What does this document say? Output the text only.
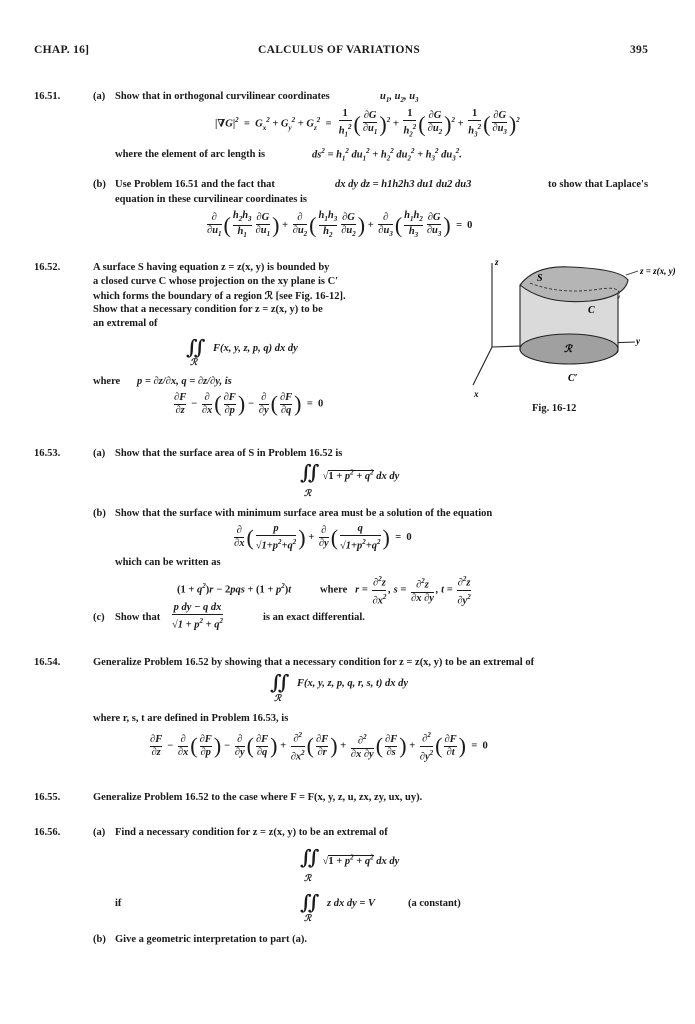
CHAP. 16]	CALCULUS OF VARIATIONS	395
16.51.	(a) Show that in orthogonal curvilinear coordinates	$u_1$, $u_2$, $u_3$
$|\nabla G|^2 = G_x^2 + G_y^2 + G_z^2 = \frac{1}{h_1^2}$ ( $\frac{\partial G}{\partial u_1} )^2 + \frac{1}{h_2^2}$ ( $\frac{\partial G}{\partial u_2} )^2 + \frac{1}{h_3^2}$ ( $\frac{\partial G}{\partial u_3} )^2$
where the element of arc length is	$ds^2 = h_1^2$ $du_1^2 + h_2^2$ $du_2^2 + h_3^2$ $du_3^2$.
(b) Use Problem 16.51 and the fact that	dx dy dz = h1h2h3 du1 du2 du3	to show that Laplace's
equation in these curvilinear coordinates is
$\frac{\partial}{\partial u_1}$ ( $\frac{h_2h_3}{h_1} \frac{\partial G}{\partial u_1}$ ) + $\frac{\partial}{\partial u_2}$ ( $\frac{h_1h_3}{h_2} \frac{\partial G}{\partial u_2}$ ) + $\frac{\partial}{\partial u_3}$ ( $\frac{h_1h_2}{h_3} \frac{\partial G}{\partial u_3}$ )  =  0
16.52.	A surface S having equation z = z(x, y) is bounded by
a closed curve C whose projection on the xy plane is C′
which forms the boundary of a region ℛ [see Fig. 16-12].
Show that a necessary condition for z = z(x, y) to be
an extremal of
∬
ℛ
F(x, y, z, p, q) dx dy
where p = ∂z/∂x, q = ∂z/∂y, is
$\frac{\partial F}{\partial z} - \frac{\partial}{\partial x}$ ( $\frac{\partial F}{\partial p}$ ) − $\frac{\partial}{\partial y}$ ( $\frac{\partial F}{\partial q}$ )  =  0
z
y
x
S
C
ℛ
C′
z = z(x, y)
Fig. 16-12
16.53.	(a) Show that the surface area of S in Problem 16.52 is
∬ $√1 + p^2 + q^2$ dx dy
ℛ
(b) Show that the surface with minimum surface area must be a solution of the equation
$\frac{\partial}{\partial x}$ ( $\frac{p}{√1+p^2+q^2}$ ) + $\frac{\partial}{\partial y}$ ( $\frac{q}{√1+p^2+q^2}$ )  =  0
which can be written as
$(1 + q^2)r - 2pqs + (1 + p^2)t$           where   $r = \frac{\partial^2z}{\partial x^2}$ , $s = \frac{\partial^2z}{\partial x \partial y}$ , $t = \frac{\partial^2z}{\partial y^2}$
(c) Show that $\frac{\text{p dy − q dx}}{√1 + p^2 + q^2}$	is an exact differential.
16.54.	Generalize Problem 16.52 by showing that a necessary condition for z = z(x, y) to be an extremal of
∬
ℛ
F(x, y, z, p, q, r, s, t) dx dy
where r, s, t are defined in Problem 16.53, is
$\frac{\partial F}{\partial z} - \frac{\partial}{\partial x}$ ( $\frac{\partial F}{\partial p}$ ) − $\frac{\partial}{\partial y}$ ( $\frac{\partial F}{\partial q}$ ) + $\frac{\partial^2}{\partial x^2}$ ( $\frac{\partial F}{\partial r}$ ) + $\frac{\partial^2}{\partial x \partial y}$ ( $\frac{\partial F}{\partial s}$ ) + $\frac{\partial^2}{\partial y^2}$ ( $\frac{\partial F}{\partial t}$ )  =  0
16.55.	Generalize Problem 16.52 to the case where F = F(x, y, z, u, zx, zy, ux, uy).
16.56.	(a) Find a necessary condition for z = z(x, y) to be an extremal of
∬ $√1 + p^2 + q^2$ dx dy
ℛ
if	∬
ℛ
z dx dy = V	(a constant)
(b) Give a geometric interpretation to part (a).
